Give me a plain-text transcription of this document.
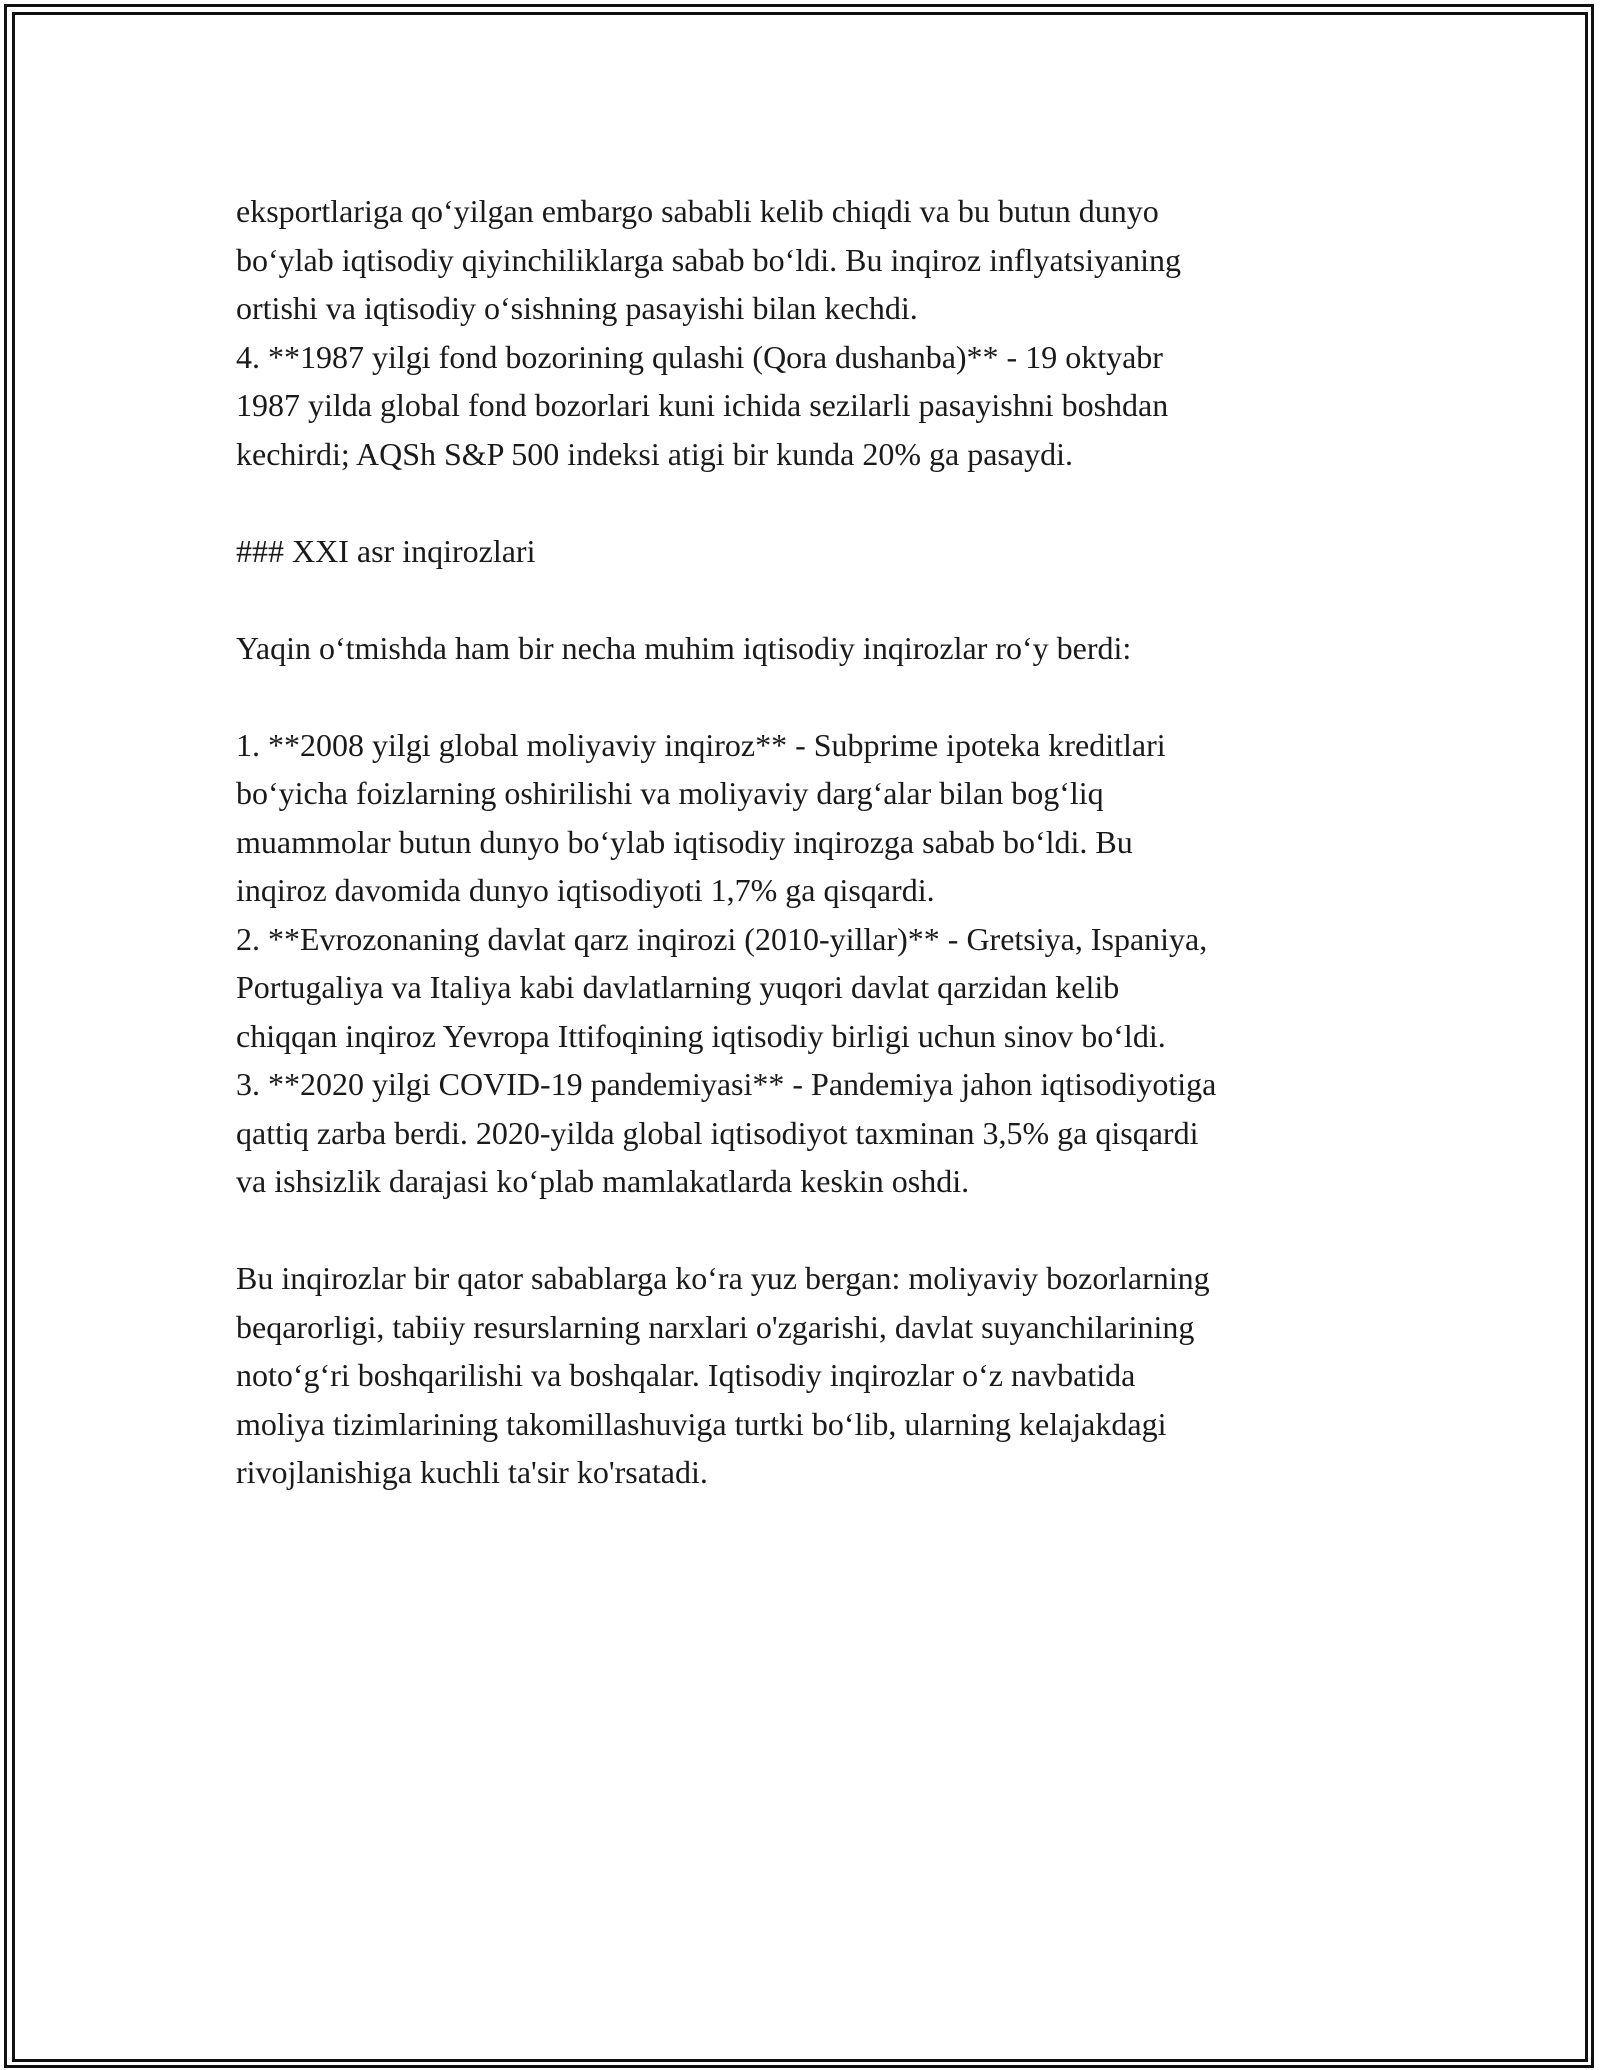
eksportlariga qo‘yilgan embargo sababli kelib chiqdi va bu butun dunyo
bo‘ylab iqtisodiy qiyinchiliklarga sabab bo‘ldi. Bu inqiroz inflyatsiyaning
ortishi va iqtisodiy o‘sishning pasayishi bilan kechdi.
4. **1987 yilgi fond bozorining qulashi (Qora dushanba)** - 19 oktyabr
1987 yilda global fond bozorlari kuni ichida sezilarli pasayishni boshdan
kechirdi; AQSh S&P 500 indeksi atigi bir kunda 20% ga pasaydi.
### XXI asr inqirozlari
Yaqin o‘tmishda ham bir necha muhim iqtisodiy inqirozlar ro‘y berdi:
1. **2008 yilgi global moliyaviy inqiroz** - Subprime ipoteka kreditlari
bo‘yicha foizlarning oshirilishi va moliyaviy darg‘alar bilan bog‘liq
muammolar butun dunyo bo‘ylab iqtisodiy inqirozga sabab bo‘ldi. Bu
inqiroz davomida dunyo iqtisodiyoti 1,7% ga qisqardi.
2. **Evrozonaning davlat qarz inqirozi (2010-yillar)** - Gretsiya, Ispaniya,
Portugaliya va Italiya kabi davlatlarning yuqori davlat qarzidan kelib
chiqqan inqiroz Yevropa Ittifoqining iqtisodiy birligi uchun sinov bo‘ldi.
3. **2020 yilgi COVID-19 pandemiyasi** - Pandemiya jahon iqtisodiyotiga
qattiq zarba berdi. 2020-yilda global iqtisodiyot taxminan 3,5% ga qisqardi
va ishsizlik darajasi ko‘plab mamlakatlarda keskin oshdi.
Bu inqirozlar bir qator sabablarga ko‘ra yuz bergan: moliyaviy bozorlarning
beqarorligi, tabiiy resurslarning narxlari o'zgarishi, davlat suyanchilarining
noto‘g‘ri boshqarilishi va boshqalar. Iqtisodiy inqirozlar o‘z navbatida
moliya tizimlarining takomillashuviga turtki bo‘lib, ularning kelajakdagi
rivojlanishiga kuchli ta'sir ko'rsatadi.
